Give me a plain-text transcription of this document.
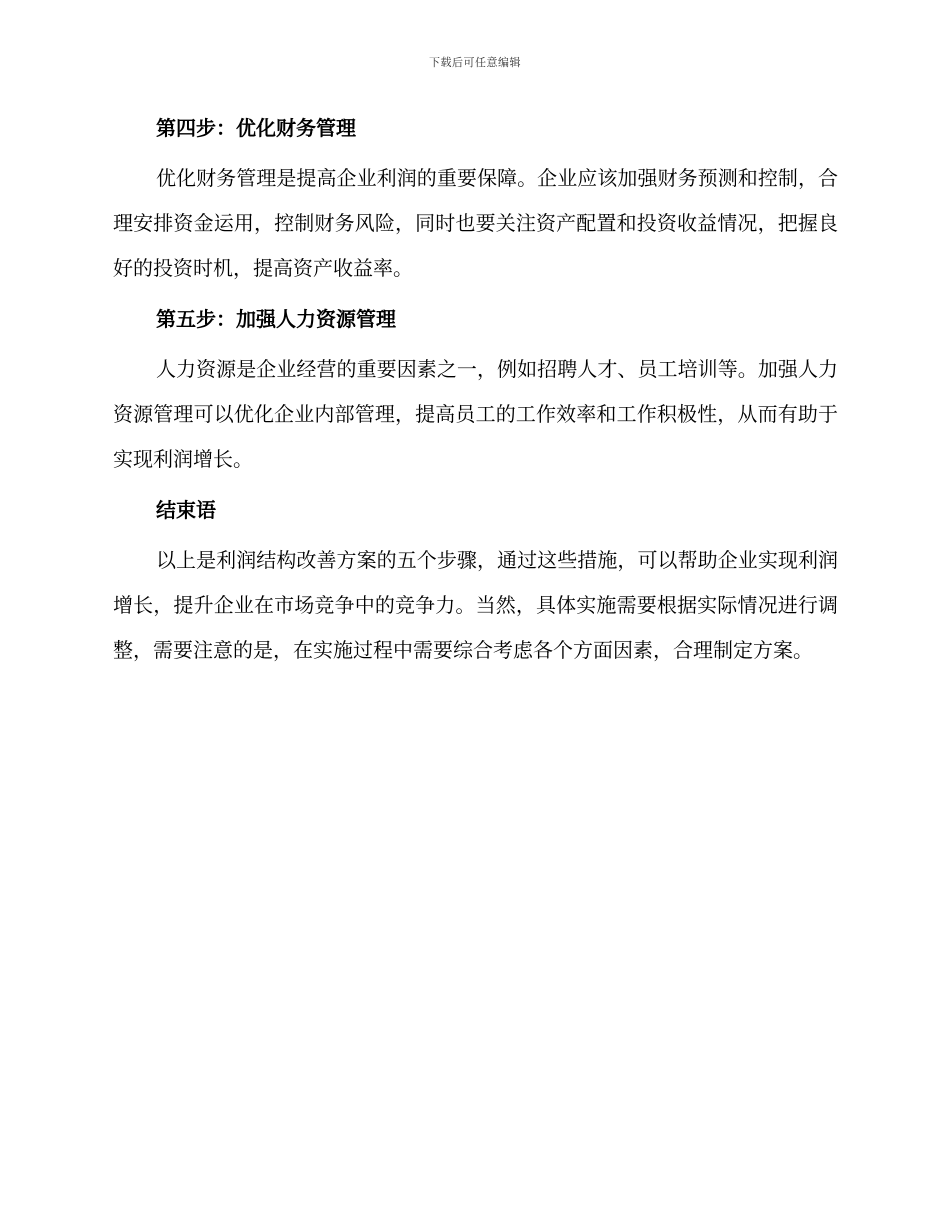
下载后可任意编辑
第四步：优化财务管理

优化财务管理是提高企业利润的重要保障。企业应该加强财务预测和控制，合理安排资金运用，控制财务风险，同时也要关注资产配置和投资收益情况，把握良好的投资时机，提高资产收益率。

第五步：加强人力资源管理

人力资源是企业经营的重要因素之一，例如招聘人才、员工培训等。加强人力资源管理可以优化企业内部管理，提高员工的工作效率和工作积极性，从而有助于实现利润增长。

结束语

以上是利润结构改善方案的五个步骤，通过这些措施，可以帮助企业实现利润增长，提升企业在市场竞争中的竞争力。当然，具体实施需要根据实际情况进行调整，需要注意的是，在实施过程中需要综合考虑各个方面因素，合理制定方案。
